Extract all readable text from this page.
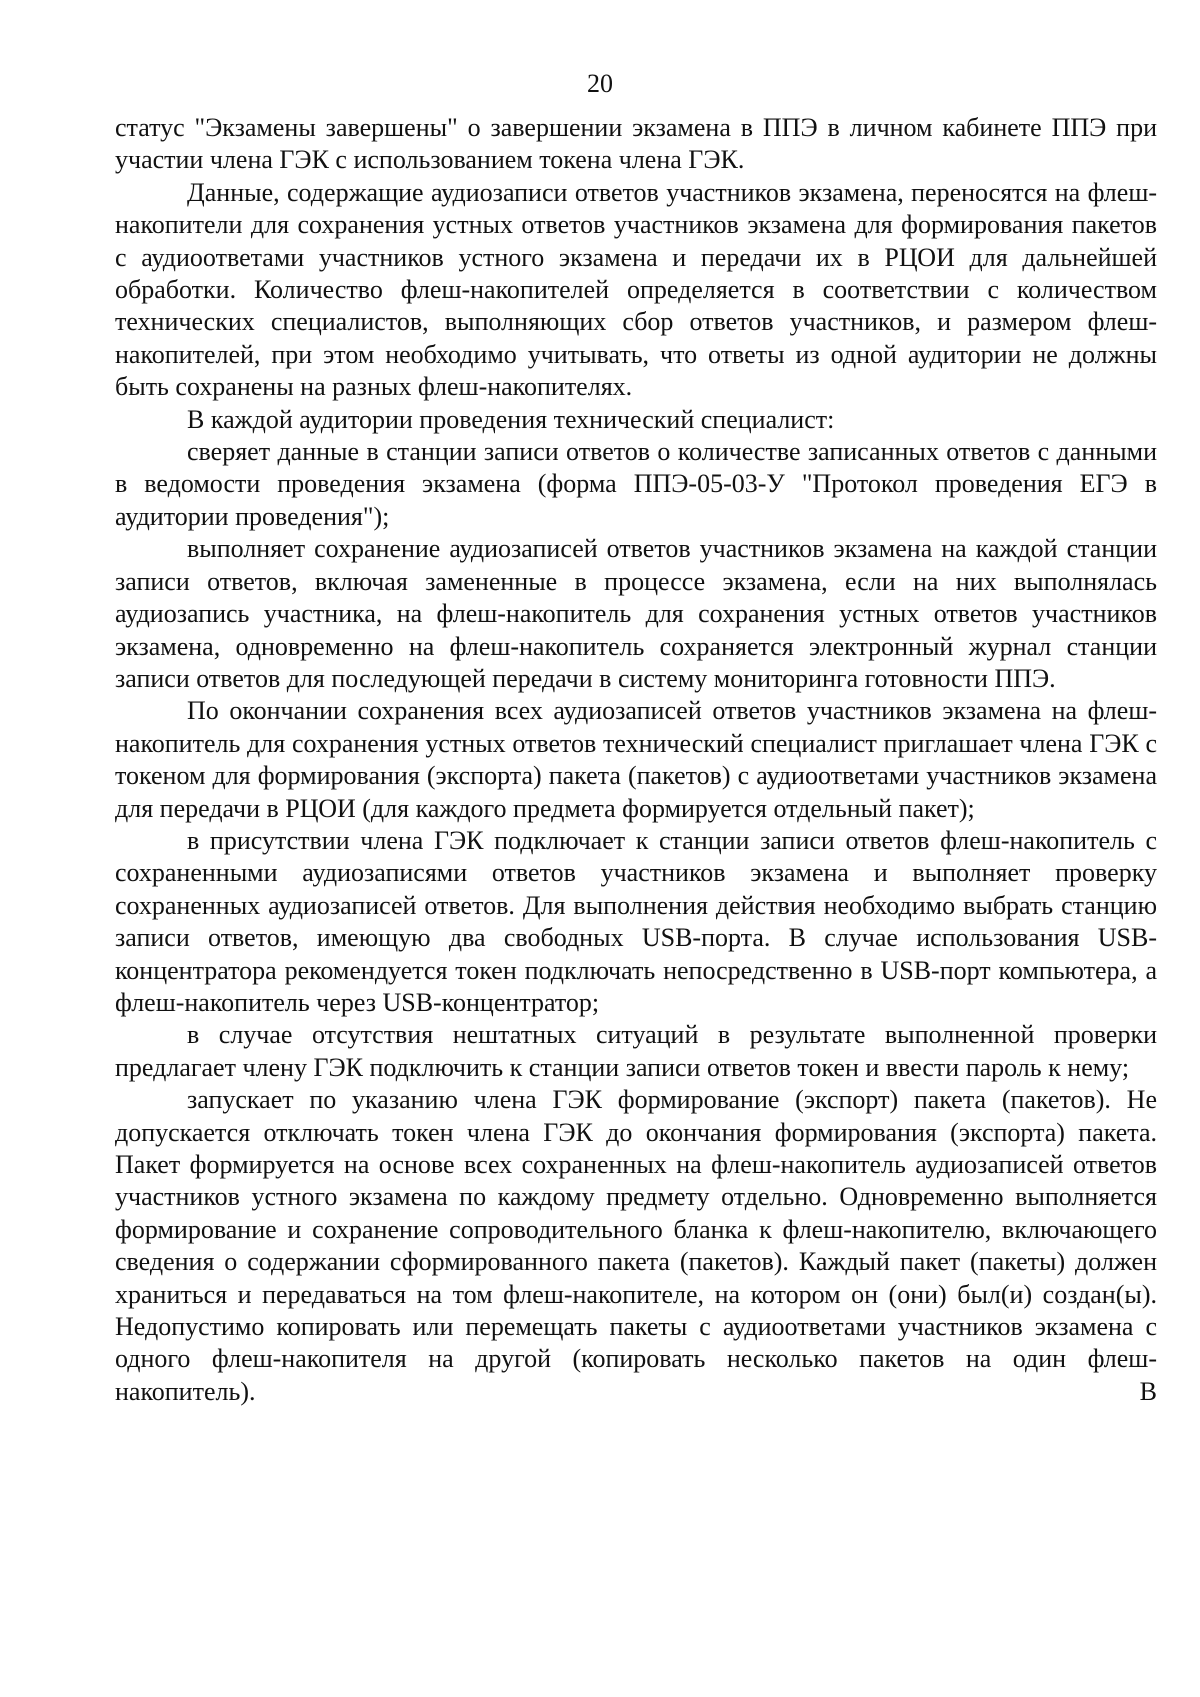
20

статус "Экзамены завершены" о завершении экзамена в ППЭ в личном кабинете ППЭ при участии члена ГЭК с использованием токена члена ГЭК.

Данные, содержащие аудиозаписи ответов участников экзамена, переносятся на флеш-накопители для сохранения устных ответов участников экзамена для формирования пакетов с аудиоответами участников устного экзамена и передачи их в РЦОИ для дальнейшей обработки. Количество флеш-накопителей определяется в соответствии с количеством технических специалистов, выполняющих сбор ответов участников, и размером флеш-накопителей, при этом необходимо учитывать, что ответы из одной аудитории не должны быть сохранены на разных флеш-накопителях.

В каждой аудитории проведения технический специалист:

сверяет данные в станции записи ответов о количестве записанных ответов с данными в ведомости проведения экзамена (форма ППЭ-05-03-У "Протокол проведения ЕГЭ в аудитории проведения");

выполняет сохранение аудиозаписей ответов участников экзамена на каждой станции записи ответов, включая замененные в процессе экзамена, если на них выполнялась аудиозапись участника, на флеш-накопитель для сохранения устных ответов участников экзамена, одновременно на флеш-накопитель сохраняется электронный журнал станции записи ответов для последующей передачи в систему мониторинга готовности ППЭ.

По окончании сохранения всех аудиозаписей ответов участников экзамена на флеш-накопитель для сохранения устных ответов технический специалист приглашает члена ГЭК с токеном для формирования (экспорта) пакета (пакетов) с аудиоответами участников экзамена для передачи в РЦОИ (для каждого предмета формируется отдельный пакет);

в присутствии члена ГЭК подключает к станции записи ответов флеш-накопитель с сохраненными аудиозаписями ответов участников экзамена и выполняет проверку сохраненных аудиозаписей ответов. Для выполнения действия необходимо выбрать станцию записи ответов, имеющую два свободных USB-порта. В случае использования USB-концентратора рекомендуется токен подключать непосредственно в USB-порт компьютера, а флеш-накопитель через USB-концентратор;

в случае отсутствия нештатных ситуаций в результате выполненной проверки предлагает члену ГЭК подключить к станции записи ответов токен и ввести пароль к нему;

запускает по указанию члена ГЭК формирование (экспорт) пакета (пакетов). Не допускается отключать токен члена ГЭК до окончания формирования (экспорта) пакета. Пакет формируется на основе всех сохраненных на флеш-накопитель аудиозаписей ответов участников устного экзамена по каждому предмету отдельно. Одновременно выполняется формирование и сохранение сопроводительного бланка к флеш-накопителю, включающего сведения о содержании сформированного пакета (пакетов). Каждый пакет (пакеты) должен храниться и передаваться на том флеш-накопителе, на котором он (они) был(и) создан(ы). Недопустимо копировать или перемещать пакеты с аудиоответами участников экзамена с одного флеш-накопителя на другой (копировать несколько пакетов на один флеш-накопитель). В
